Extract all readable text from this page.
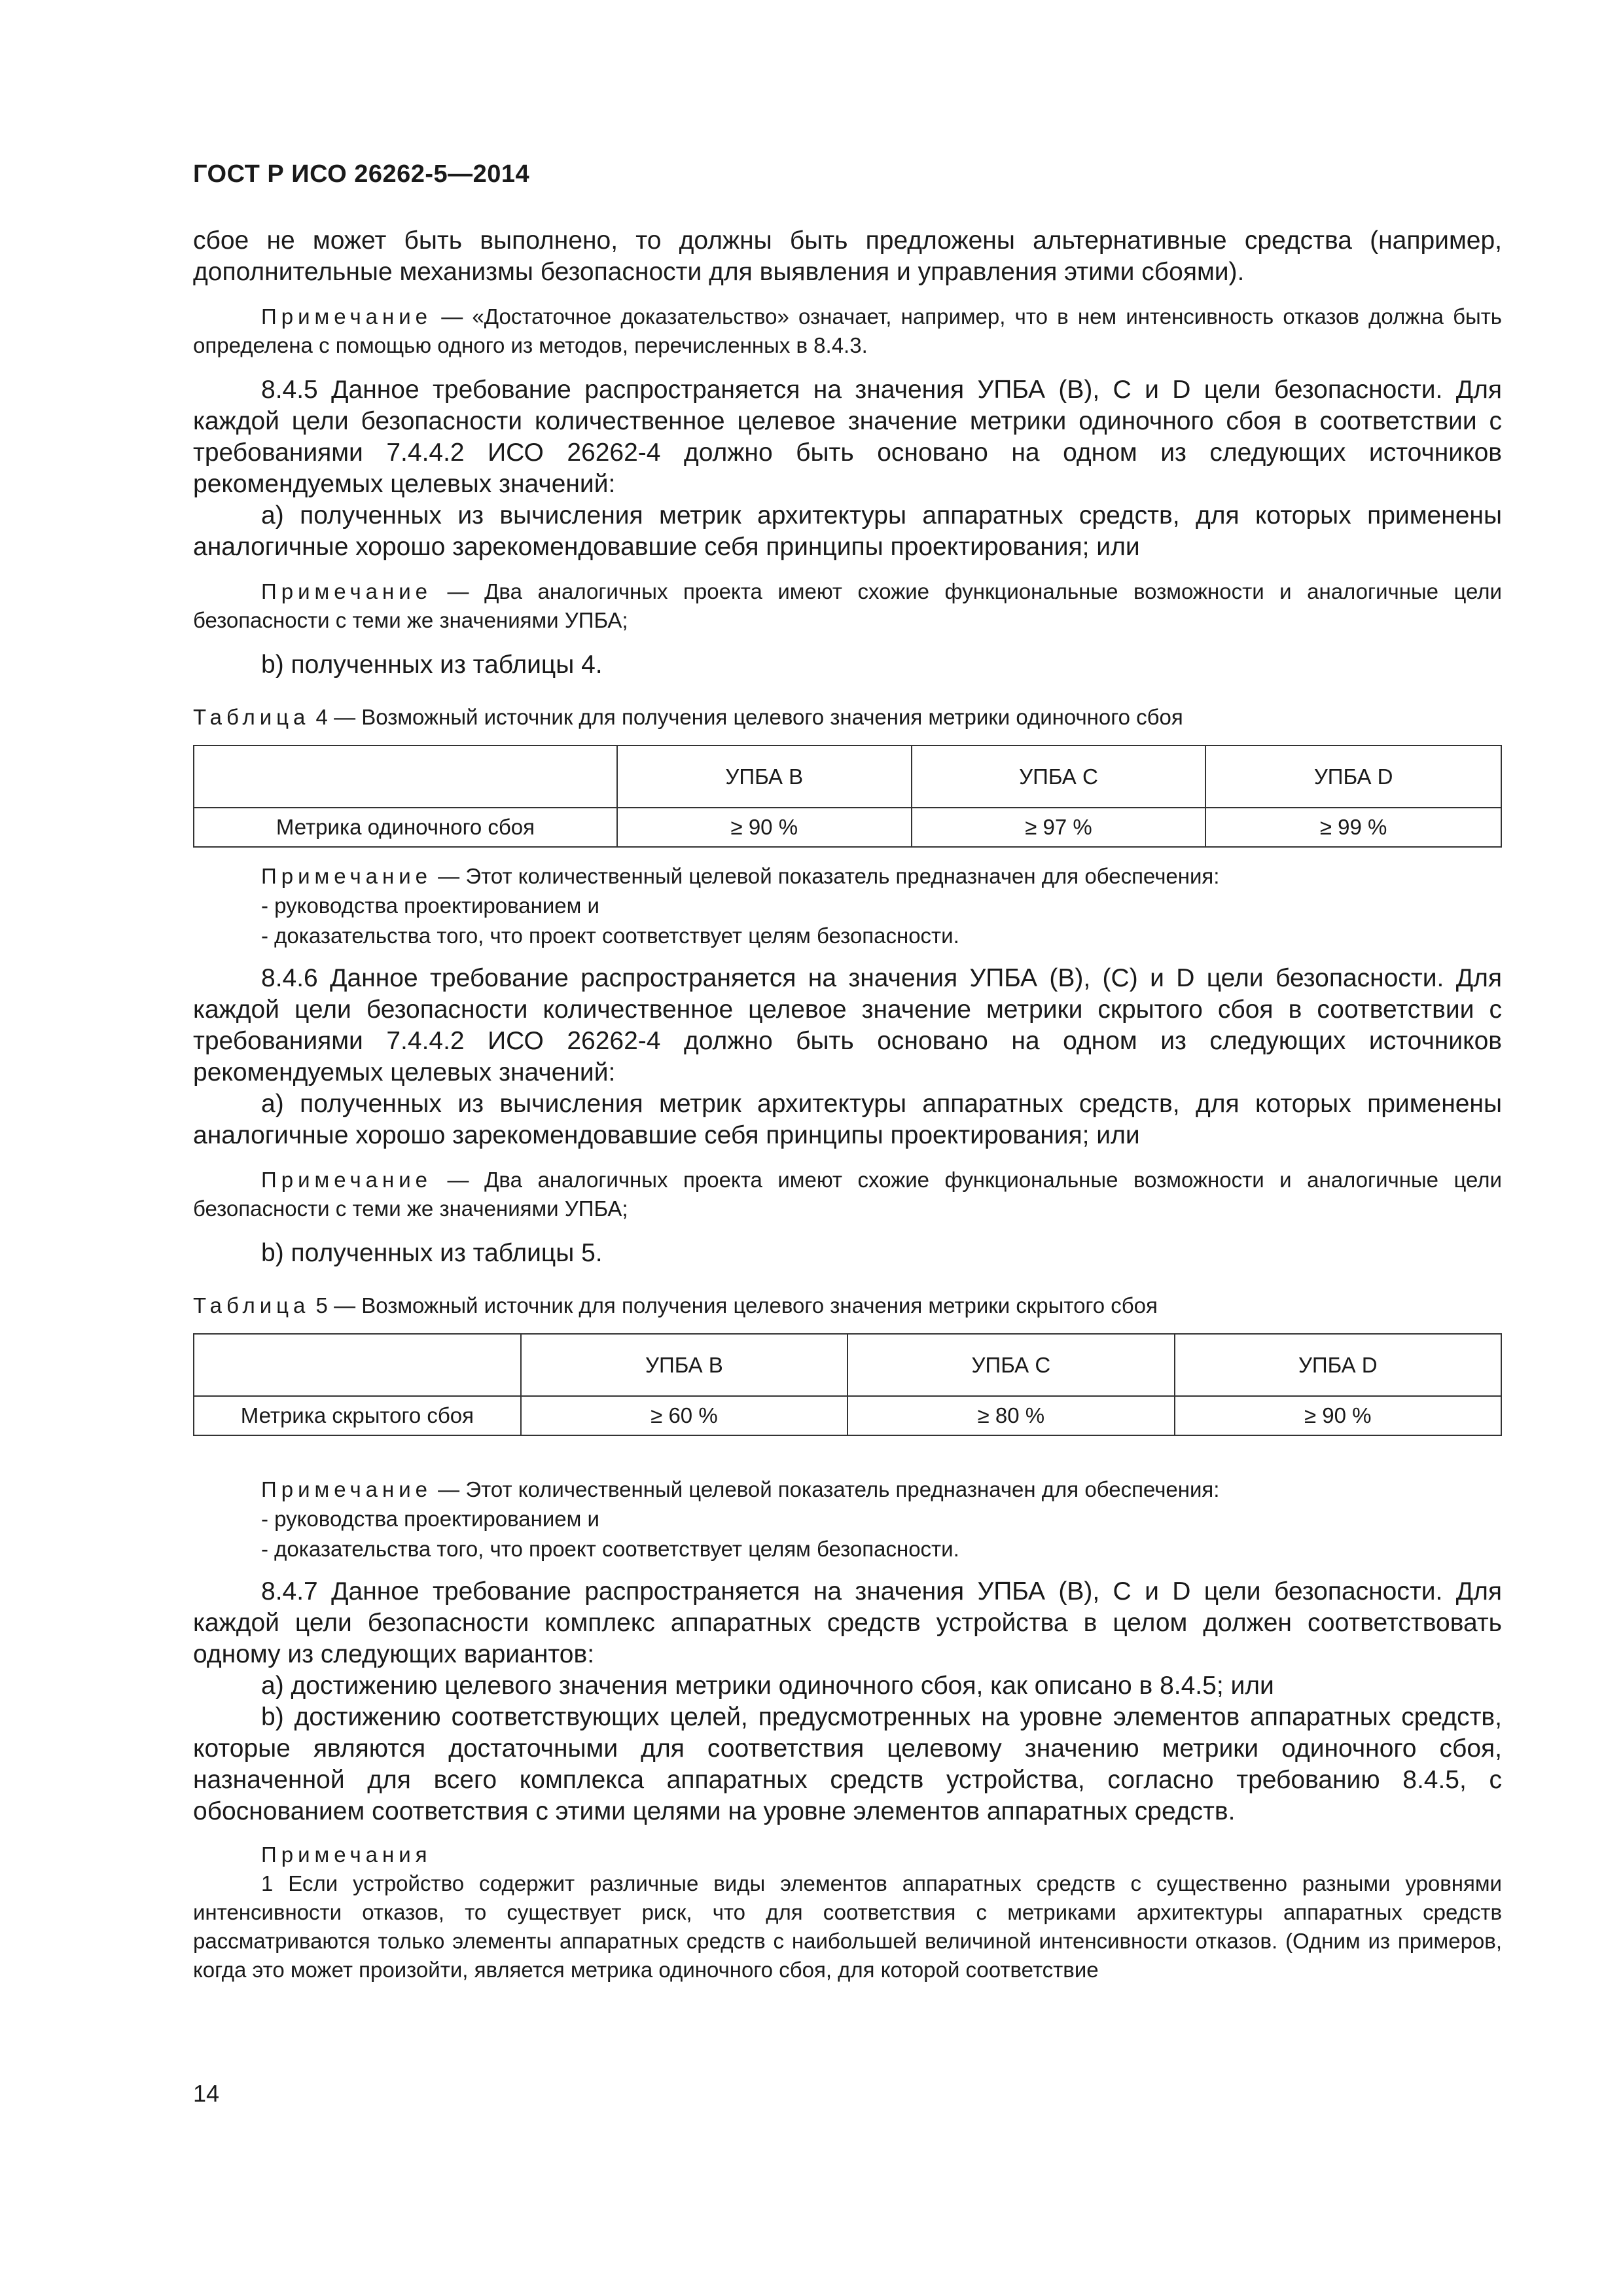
ГОСТ Р ИСО 26262-5—2014

сбое не может быть выполнено, то должны быть предложены альтернативные средства (например, дополнительные механизмы безопасности для выявления и управления этими сбоями).

Примечание — «Достаточное доказательство» означает, например, что в нем интенсивность отказов должна быть определена с помощью одного из методов, перечисленных в 8.4.3.

8.4.5 Данное требование распространяется на значения УПБА (B), C и D цели безопасности. Для каждой цели безопасности количественное целевое значение метрики одиночного сбоя в соответствии с требованиями 7.4.4.2 ИСО 26262-4 должно быть основано на одном из следующих источников рекомендуемых целевых значений:

а) полученных из вычисления метрик архитектуры аппаратных средств, для которых применены аналогичные хорошо зарекомендовавшие себя принципы проектирования; или

Примечание — Два аналогичных проекта имеют схожие функциональные возможности и аналогичные цели безопасности с теми же значениями УПБА;

b) полученных из таблицы 4.

Таблица 4 — Возможный источник для получения целевого значения метрики одиночного сбоя

	УПБА B	УПБА C	УПБА D
Метрика одиночного сбоя	≥ 90 %	≥ 97 %	≥ 99 %

Примечание — Этот количественный целевой показатель предназначен для обеспечения:

- руководства проектированием и

- доказательства того, что проект соответствует целям безопасности.

8.4.6 Данное требование распространяется на значения УПБА (B), (C) и D цели безопасности. Для каждой цели безопасности количественное целевое значение метрики скрытого сбоя в соответствии с требованиями 7.4.4.2 ИСО 26262-4 должно быть основано на одном из следующих источников рекомендуемых целевых значений:

а) полученных из вычисления метрик архитектуры аппаратных средств, для которых применены аналогичные хорошо зарекомендовавшие себя принципы проектирования; или

Примечание — Два аналогичных проекта имеют схожие функциональные возможности и аналогичные цели безопасности с теми же значениями УПБА;

b) полученных из таблицы 5.

Таблица 5 — Возможный источник для получения целевого значения метрики скрытого сбоя

	УПБА B	УПБА C	УПБА D
Метрика скрытого сбоя	≥ 60 %	≥ 80 %	≥ 90 %

Примечание — Этот количественный целевой показатель предназначен для обеспечения:

- руководства проектированием и

- доказательства того, что проект соответствует целям безопасности.

8.4.7 Данное требование распространяется на значения УПБА (B), C и D цели безопасности. Для каждой цели безопасности комплекс аппаратных средств устройства в целом должен соответствовать одному из следующих вариантов:

а) достижению целевого значения метрики одиночного сбоя, как описано в 8.4.5; или

b) достижению соответствующих целей, предусмотренных на уровне элементов аппаратных средств, которые являются достаточными для соответствия целевому значению метрики одиночного сбоя, назначенной для всего комплекса аппаратных средств устройства, согласно требованию 8.4.5, с обоснованием соответствия с этими целями на уровне элементов аппаратных средств.

Примечания

1 Если устройство содержит различные виды элементов аппаратных средств с существенно разными уровнями интенсивности отказов, то существует риск, что для соответствия с метриками архитектуры аппаратных средств рассматриваются только элементы аппаратных средств с наибольшей величиной интенсивности отказов. (Одним из примеров, когда это может произойти, является метрика одиночного сбоя, для которой соответствие

14
